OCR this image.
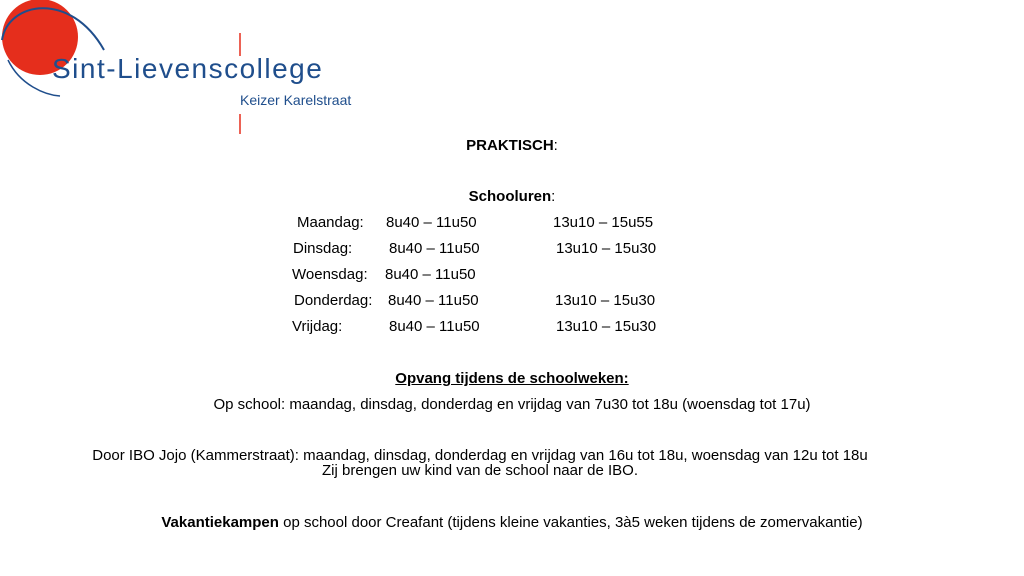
Sint-Lievenscollege
Keizer Karelstraat
PRAKTISCH:
Schooluren:
Maandag: 8u40 – 11u50	13u10 – 15u55
Dinsdag: 8u40 – 11u50	13u10 – 15u30
Woensdag: 8u40 – 11u50
Donderdag: 8u40 – 11u50	13u10 – 15u30
Vrijdag:	8u40 – 11u50	13u10 – 15u30
Opvang tijdens de schoolweken:
Op school: maandag, dinsdag, donderdag en vrijdag van 7u30 tot 18u (woensdag tot 17u)
Door IBO Jojo (Kammerstraat): maandag, dinsdag, donderdag en vrijdag van 16u tot 18u, woensdag van 12u tot 18u
Zij brengen uw kind van de school naar de IBO.
Vakantiekampen op school door Creafant (tijdens kleine vakanties, 3à5 weken tijdens de zomervakantie)
